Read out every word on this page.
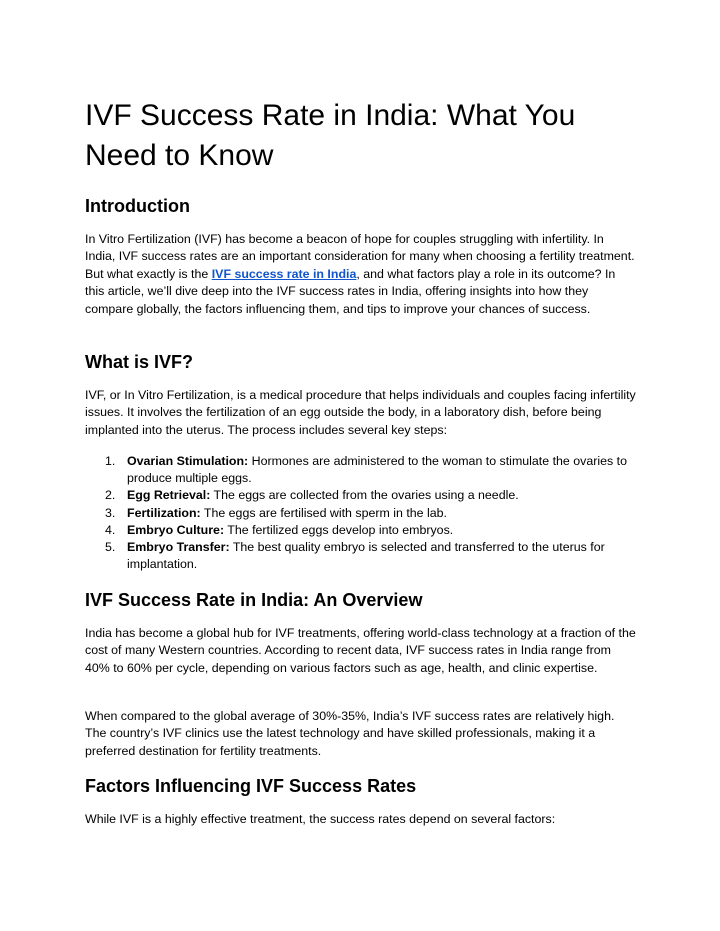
IVF Success Rate in India: What You Need to Know
Introduction

In Vitro Fertilization (IVF) has become a beacon of hope for couples struggling with infertility. In India, IVF success rates are an important consideration for many when choosing a fertility treatment. But what exactly is the IVF success rate in India, and what factors play a role in its outcome? In this article, we’ll dive deep into the IVF success rates in India, offering insights into how they compare globally, the factors influencing them, and tips to improve your chances of success.

What is IVF?

IVF, or In Vitro Fertilization, is a medical procedure that helps individuals and couples facing infertility issues. It involves the fertilization of an egg outside the body, in a laboratory dish, before being implanted into the uterus. The process includes several key steps:

1. Ovarian Stimulation: Hormones are administered to the woman to stimulate the ovaries to produce multiple eggs.
2. Egg Retrieval: The eggs are collected from the ovaries using a needle.
3. Fertilization: The eggs are fertilised with sperm in the lab.
4. Embryo Culture: The fertilized eggs develop into embryos.
5. Embryo Transfer: The best quality embryo is selected and transferred to the uterus for implantation.
IVF Success Rate in India: An Overview

India has become a global hub for IVF treatments, offering world-class technology at a fraction of the cost of many Western countries. According to recent data, IVF success rates in India range from 40% to 60% per cycle, depending on various factors such as age, health, and clinic expertise.

When compared to the global average of 30%-35%, India’s IVF success rates are relatively high. The country’s IVF clinics use the latest technology and have skilled professionals, making it a preferred destination for fertility treatments.

Factors Influencing IVF Success Rates

While IVF is a highly effective treatment, the success rates depend on several factors:
